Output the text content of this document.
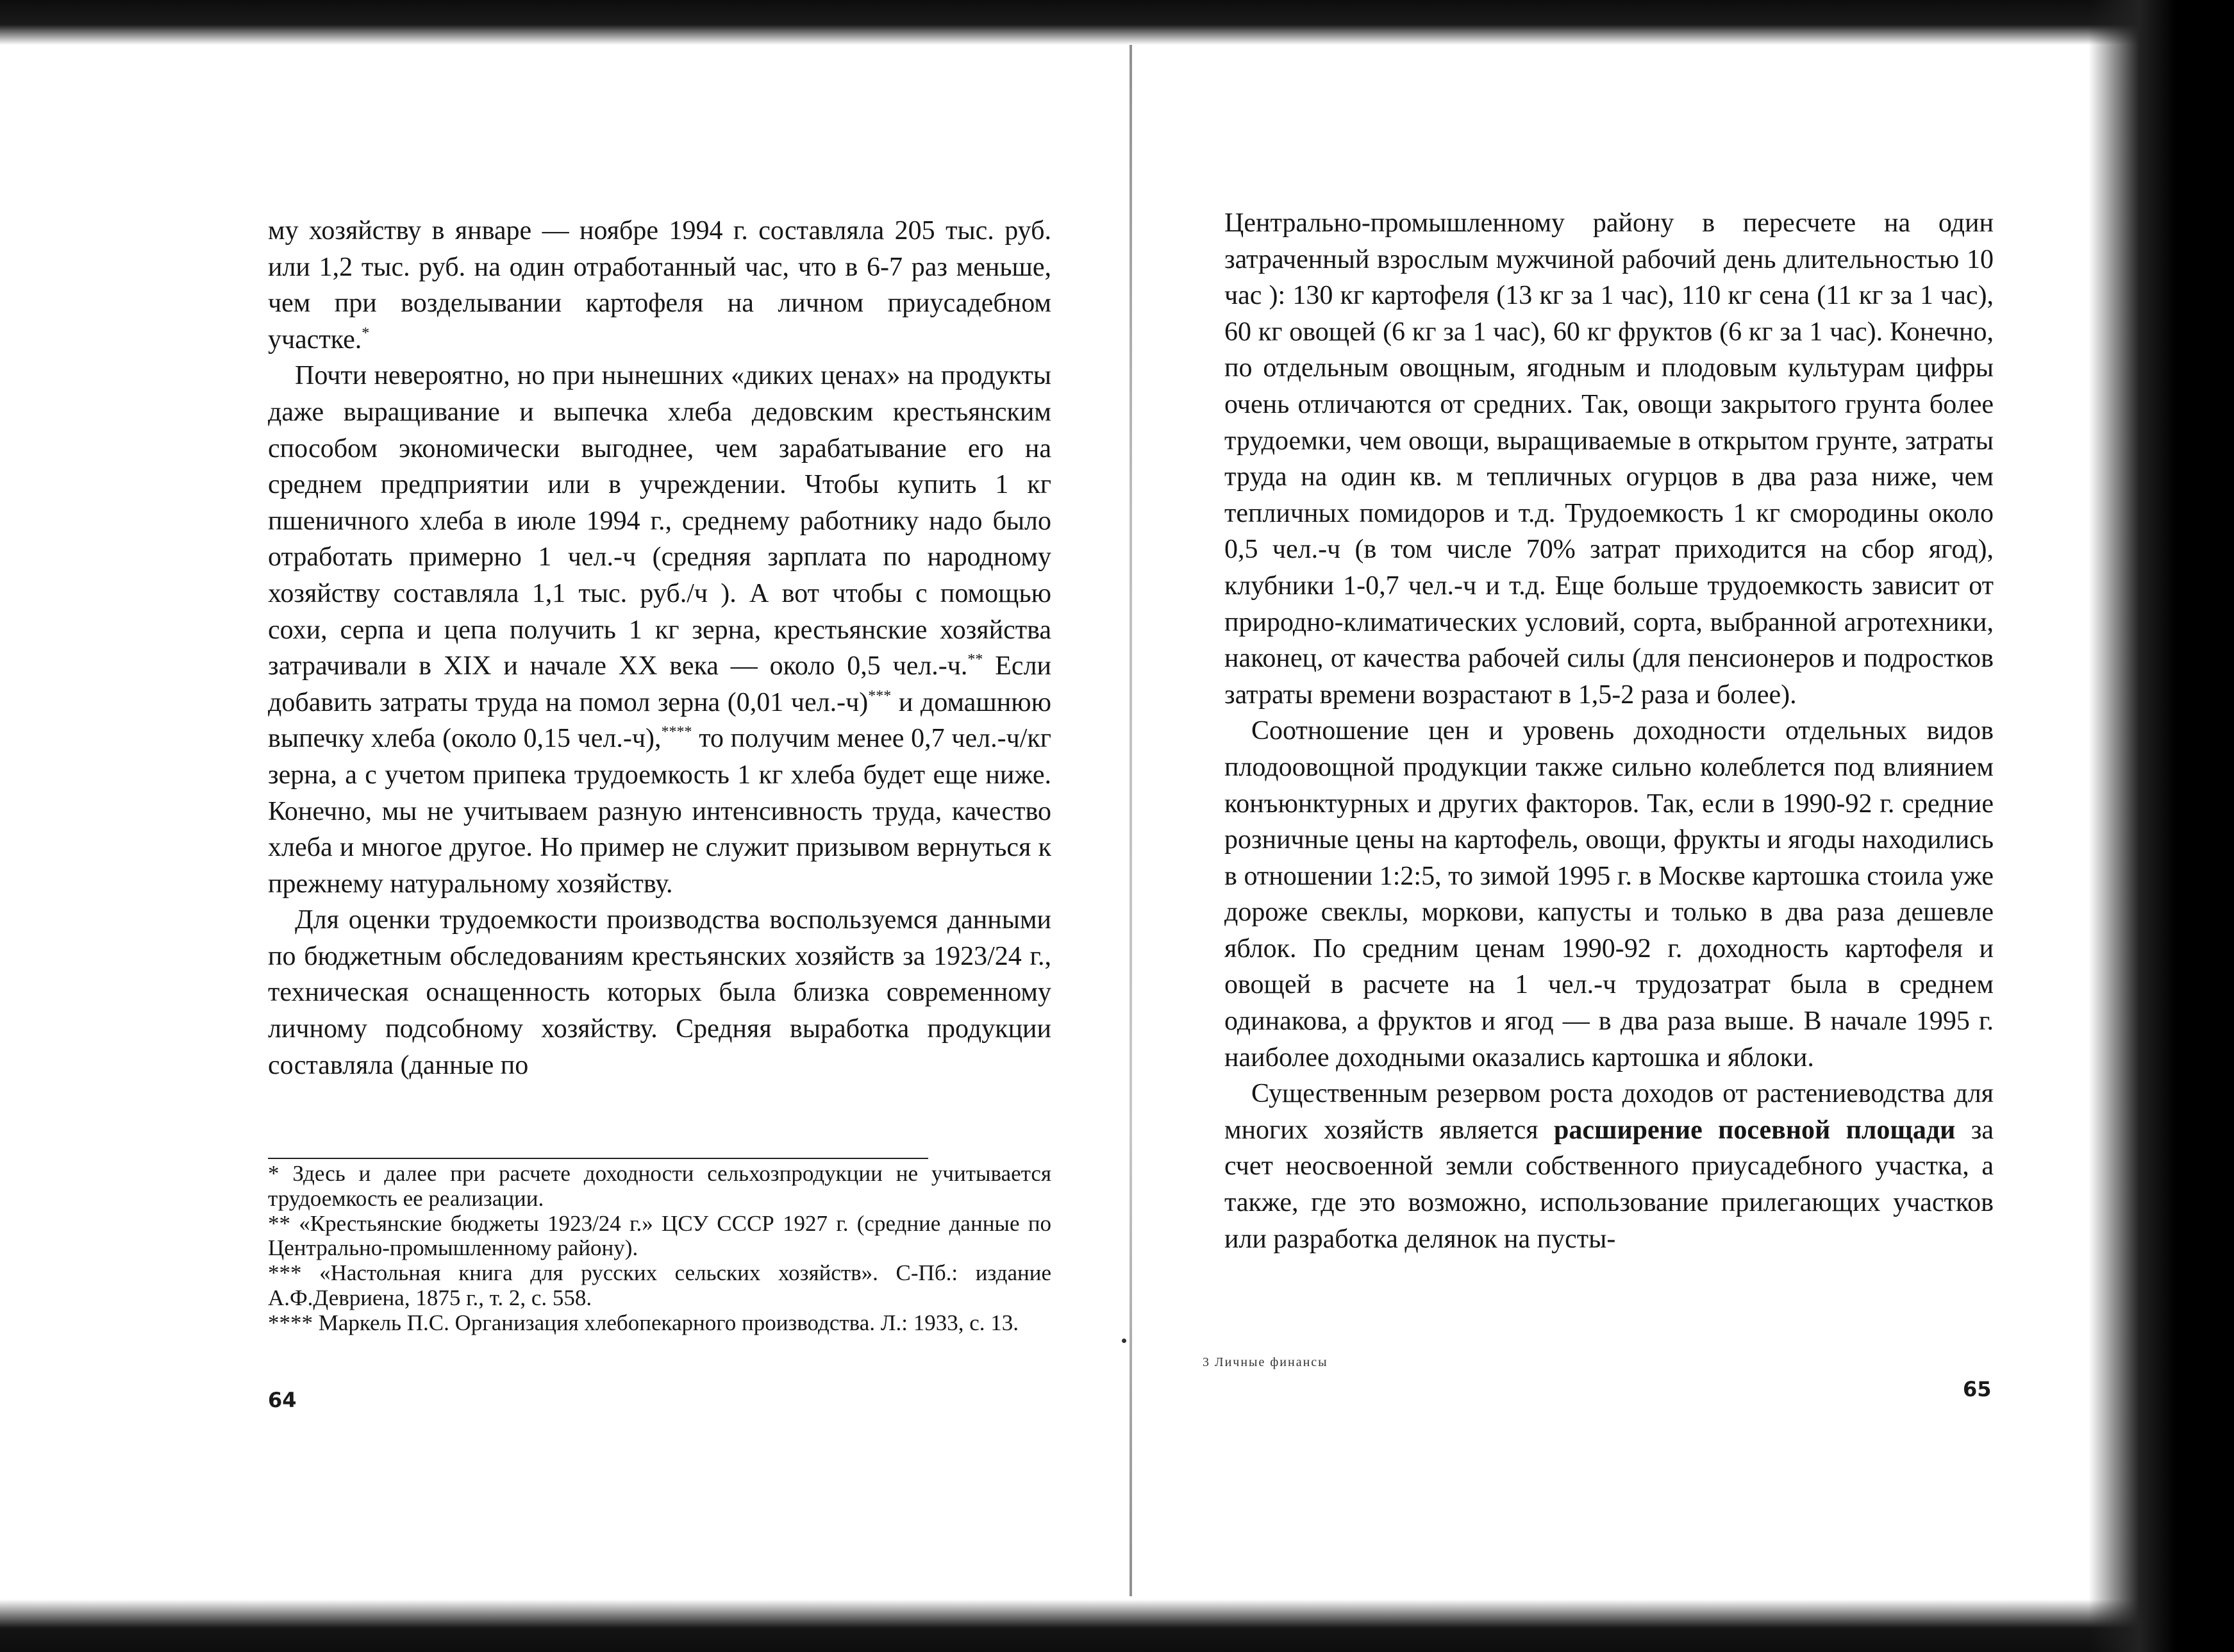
му хозяйству в январе — ноябре 1994 г. составляла 205 тыс. руб. или 1,2 тыс. руб. на один отработанный час, что в 6-7 раз меньше, чем при возделывании картофеля на личном приусадебном участке.*

Почти невероятно, но при нынешних «диких ценах» на продукты даже выращивание и выпечка хлеба дедовским крестьянским способом экономически выгоднее, чем зарабатывание его на среднем предприятии или в учреждении. Чтобы купить 1 кг пшеничного хлеба в июле 1994 г., среднему работнику надо было отработать примерно 1 чел.-ч (средняя зарплата по народному хозяйству составляла 1,1 тыс. руб./ч ). А вот чтобы с помощью сохи, серпа и цепа получить 1 кг зерна, крестьянские хозяйства затрачивали в XIX и начале XX века — около 0,5 чел.-ч.** Если добавить затраты труда на помол зерна (0,01 чел.-ч)*** и домашнюю выпечку хлеба (около 0,15 чел.-ч),**** то получим менее 0,7 чел.-ч/кг зерна, а с учетом припека трудоемкость 1 кг хлеба будет еще ниже. Конечно, мы не учитываем разную интенсивность труда, качество хлеба и многое другое. Но пример не служит призывом вернуться к прежнему натуральному хозяйству.

Для оценки трудоемкости производства воспользуемся данными по бюджетным обследованиям крестьянских хозяйств за 1923/24 г., техническая оснащенность которых была близка современному личному подсобному хозяйству. Средняя выработка продукции составляла (данные по

* Здесь и далее при расчете доходности сельхозпродукции не учитывается трудоемкость ее реализации.

** «Крестьянские бюджеты 1923/24 г.» ЦСУ СССР 1927 г. (средние данные по Центрально-промышленному району).

*** «Настольная книга для русских сельских хозяйств». С-Пб.: издание А.Ф.Девриена, 1875 г., т. 2, с. 558.

**** Маркель П.С. Организация хлебопекарного производства. Л.: 1933, с. 13.

64

Центрально-промышленному району в пересчете на один затраченный взрослым мужчиной рабочий день длительностью 10 час ): 130 кг картофеля (13 кг за 1 час), 110 кг сена (11 кг за 1 час), 60 кг овощей (6 кг за 1 час), 60 кг фруктов (6 кг за 1 час). Конечно, по отдельным овощным, ягодным и плодовым культурам цифры очень отличаются от средних. Так, овощи закрытого грунта более трудоемки, чем овощи, выращиваемые в открытом грунте, затраты труда на один кв. м тепличных огурцов в два раза ниже, чем тепличных помидоров и т.д. Трудоемкость 1 кг смородины около 0,5 чел.-ч (в том числе 70% затрат приходится на сбор ягод), клубники 1-0,7 чел.-ч и т.д. Еще больше трудоемкость зависит от природно-климатических условий, сорта, выбранной агротехники, наконец, от качества рабочей силы (для пенсионеров и подростков затраты времени возрастают в 1,5-2 раза и более).

Соотношение цен и уровень доходности отдельных видов плодоовощной продукции также сильно колеблется под влиянием конъюнктурных и других факторов. Так, если в 1990-92 г. средние розничные цены на картофель, овощи, фрукты и ягоды находились в отношении 1:2:5, то зимой 1995 г. в Москве картошка стоила уже дороже свеклы, моркови, капусты и только в два раза дешевле яблок. По средним ценам 1990-92 г. доходность картофеля и овощей в расчете на 1 чел.-ч трудозатрат была в среднем одинакова, а фруктов и ягод — в два раза выше. В начале 1995 г. наиболее доходными оказались картошка и яблоки.

Существенным резервом роста доходов от растениеводства для многих хозяйств является расширение посевной площади за счет неосвоенной земли собственного приусадебного участка, а также, где это возможно, использование прилегающих участков или разработка делянок на пусты-

3 Личные финансы
65
